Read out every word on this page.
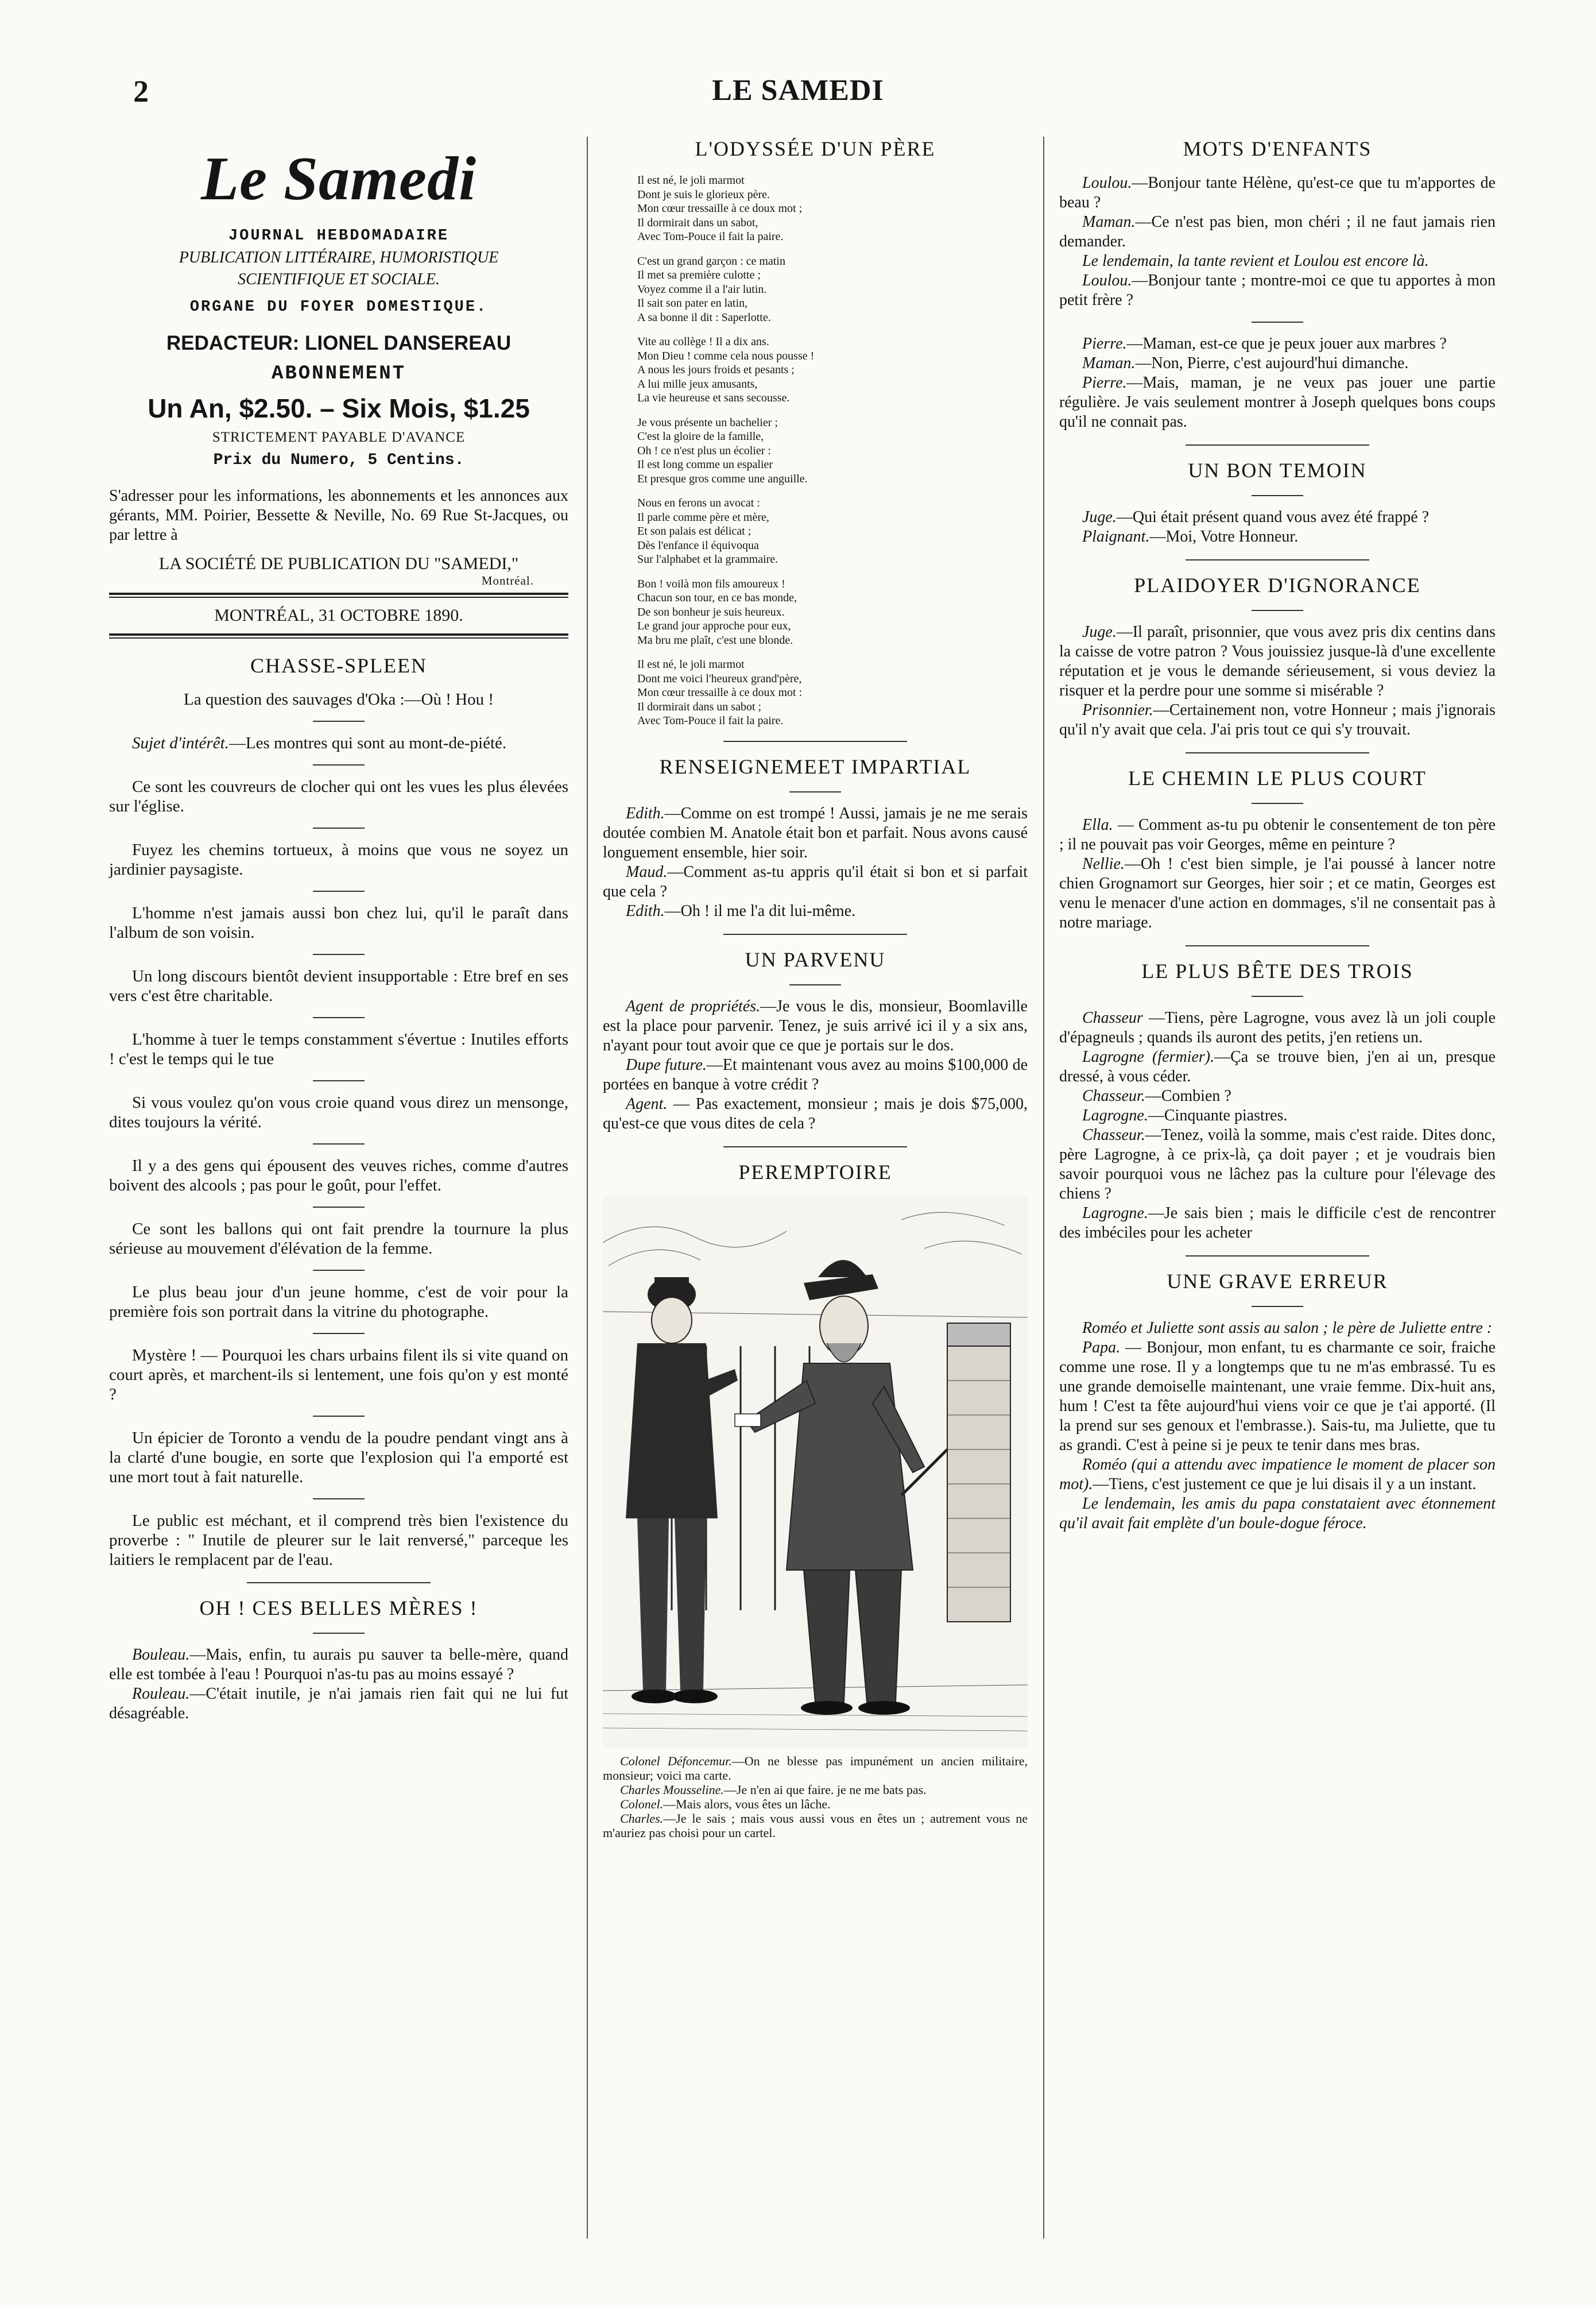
2	LE SAMEDI
Le Samedi
JOURNAL HEBDOMADAIRE
PUBLICATION LITTÉRAIRE, HUMORISTIQUE
SCIENTIFIQUE ET SOCIALE.
ORGANE DU FOYER DOMESTIQUE.
REDACTEUR: LIONEL DANSEREAU
ABONNEMENT
Un An, $2.50. – Six Mois, $1.25
STRICTEMENT PAYABLE D'AVANCE
Prix du Numero, 5 Centins.
S'adresser pour les informations, les abonnements et les annonces aux gérants, MM. Poirier, Bessette & Neville, No. 69 Rue St-Jacques, ou par lettre à
LA SOCIÉTÉ DE PUBLICATION DU "SAMEDI,"
Montréal.
MONTRÉAL, 31 OCTOBRE 1890.
CHASSE-SPLEEN

La question des sauvages d'Oka :—Où ! Hou !

Sujet d'intérêt.—Les montres qui sont au mont-de-piété.

Ce sont les couvreurs de clocher qui ont les vues les plus élevées sur l'église.

Fuyez les chemins tortueux, à moins que vous ne soyez un jardinier paysagiste.

L'homme n'est jamais aussi bon chez lui, qu'il le paraît dans l'album de son voisin.

Un long discours bientôt devient insupportable : Etre bref en ses vers c'est être charitable.

L'homme à tuer le temps constamment s'évertue : Inutiles efforts ! c'est le temps qui le tue

Si vous voulez qu'on vous croie quand vous direz un mensonge, dites toujours la vérité.

Il y a des gens qui épousent des veuves riches, comme d'autres boivent des alcools ; pas pour le goût, pour l'effet.

Ce sont les ballons qui ont fait prendre la tournure la plus sérieuse au mouvement d'élévation de la femme.

Le plus beau jour d'un jeune homme, c'est de voir pour la première fois son portrait dans la vitrine du photographe.

Mystère ! — Pourquoi les chars urbains filent ils si vite quand on court après, et marchent-ils si lentement, une fois qu'on y est monté ?

Un épicier de Toronto a vendu de la poudre pendant vingt ans à la clarté d'une bougie, en sorte que l'explosion qui l'a emporté est une mort tout à fait naturelle.

Le public est méchant, et il comprend très bien l'existence du proverbe : " Inutile de pleurer sur le lait renversé," parceque les laitiers le remplacent par de l'eau.

OH ! CES BELLES MÈRES !

Bouleau.—Mais, enfin, tu aurais pu sauver ta belle-mère, quand elle est tombée à l'eau ! Pourquoi n'as-tu pas au moins essayé ?

Rouleau.—C'était inutile, je n'ai jamais rien fait qui ne lui fut désagréable.

L'ODYSSÉE D'UN PÈRE
Il est né, le joli marmot
Dont je suis le glorieux père.
Mon cœur tressaille à ce doux mot ;
Il dormirait dans un sabot,
Avec Tom-Pouce il fait la paire.
C'est un grand garçon : ce matin
Il met sa première culotte ;
Voyez comme il a l'air lutin.
Il sait son pater en latin,
A sa bonne il dit : Saperlotte.
Vite au collège ! Il a dix ans.
Mon Dieu ! comme cela nous pousse !
A nous les jours froids et pesants ;
A lui mille jeux amusants,
La vie heureuse et sans secousse.
Je vous présente un bachelier ;
C'est la gloire de la famille,
Oh ! ce n'est plus un écolier :
Il est long comme un espalier
Et presque gros comme une anguille.
Nous en ferons un avocat :
Il parle comme père et mère,
Et son palais est délicat ;
Dès l'enfance il équivoqua
Sur l'alphabet et la grammaire.
Bon ! voilà mon fils amoureux !
Chacun son tour, en ce bas monde,
De son bonheur je suis heureux.
Le grand jour approche pour eux,
Ma bru me plaît, c'est une blonde.
Il est né, le joli marmot
Dont me voici l'heureux grand'père,
Mon cœur tressaille à ce doux mot :
Il dormirait dans un sabot ;
Avec Tom-Pouce il fait la paire.
RENSEIGNEMEET IMPARTIAL

Edith.—Comme on est trompé ! Aussi, jamais je ne me serais doutée combien M. Anatole était bon et parfait. Nous avons causé longuement ensemble, hier soir.

Maud.—Comment as-tu appris qu'il était si bon et si parfait que cela ?

Edith.—Oh ! il me l'a dit lui-même.

UN PARVENU

Agent de propriétés.—Je vous le dis, monsieur, Boomlaville est la place pour parvenir. Tenez, je suis arrivé ici il y a six ans, n'ayant pour tout avoir que ce que je portais sur le dos.

Dupe future.—Et maintenant vous avez au moins $100,000 de portées en banque à votre crédit ?

Agent. — Pas exactement, monsieur ; mais je dois $75,000, qu'est-ce que vous dites de cela ?

PEREMPTOIRE

Colonel Défoncemur.—On ne blesse pas impunément un ancien militaire, monsieur; voici ma carte.

Charles Mousseline.—Je n'en ai que faire. je ne me bats pas.

Colonel.—Mais alors, vous êtes un lâche.

Charles.—Je le sais ; mais vous aussi vous en êtes un ; autrement vous ne m'auriez pas choisi pour un cartel.

MOTS D'ENFANTS

Loulou.—Bonjour tante Hélène, qu'est-ce que tu m'apportes de beau ?

Maman.—Ce n'est pas bien, mon chéri ; il ne faut jamais rien demander.

Le lendemain, la tante revient et Loulou est encore là.

Loulou.—Bonjour tante ; montre-moi ce que tu apportes à mon petit frère ?

Pierre.—Maman, est-ce que je peux jouer aux marbres ?

Maman.—Non, Pierre, c'est aujourd'hui dimanche.

Pierre.—Mais, maman, je ne veux pas jouer une partie régulière. Je vais seulement montrer à Joseph quelques bons coups qu'il ne connait pas.

UN BON TEMOIN

Juge.—Qui était présent quand vous avez été frappé ?

Plaignant.—Moi, Votre Honneur.

PLAIDOYER D'IGNORANCE

Juge.—Il paraît, prisonnier, que vous avez pris dix centins dans la caisse de votre patron ? Vous jouissiez jusque-là d'une excellente réputation et je vous le demande sérieusement, si vous deviez la risquer et la perdre pour une somme si misérable ?

Prisonnier.—Certainement non, votre Honneur ; mais j'ignorais qu'il n'y avait que cela. J'ai pris tout ce qui s'y trouvait.

LE CHEMIN LE PLUS COURT

Ella. — Comment as-tu pu obtenir le consentement de ton père ; il ne pouvait pas voir Georges, même en peinture ?

Nellie.—Oh ! c'est bien simple, je l'ai poussé à lancer notre chien Grognamort sur Georges, hier soir ; et ce matin, Georges est venu le menacer d'une action en dommages, s'il ne consentait pas à notre mariage.

LE PLUS BÊTE DES TROIS

Chasseur —Tiens, père Lagrogne, vous avez là un joli couple d'épagneuls ; quands ils auront des petits, j'en retiens un.

Lagrogne (fermier).—Ça se trouve bien, j'en ai un, presque dressé, à vous céder.

Chasseur.—Combien ?

Lagrogne.—Cinquante piastres.

Chasseur.—Tenez, voilà la somme, mais c'est raide. Dites donc, père Lagrogne, à ce prix-là, ça doit payer ; et je voudrais bien savoir pourquoi vous ne lâchez pas la culture pour l'élevage des chiens ?

Lagrogne.—Je sais bien ; mais le difficile c'est de rencontrer des imbéciles pour les acheter

UNE GRAVE ERREUR

Roméo et Juliette sont assis au salon ; le père de Juliette entre :

Papa. — Bonjour, mon enfant, tu es charmante ce soir, fraiche comme une rose. Il y a longtemps que tu ne m'as embrassé. Tu es une grande demoiselle maintenant, une vraie femme. Dix-huit ans, hum ! C'est ta fête aujourd'hui viens voir ce que je t'ai apporté. (Il la prend sur ses genoux et l'embrasse.). Sais-tu, ma Juliette, que tu as grandi. C'est à peine si je peux te tenir dans mes bras.

Roméo (qui a attendu avec impatience le moment de placer son mot).—Tiens, c'est justement ce que je lui disais il y a un instant.

Le lendemain, les amis du papa constataient avec étonnement qu'il avait fait emplète d'un boule-dogue féroce.
